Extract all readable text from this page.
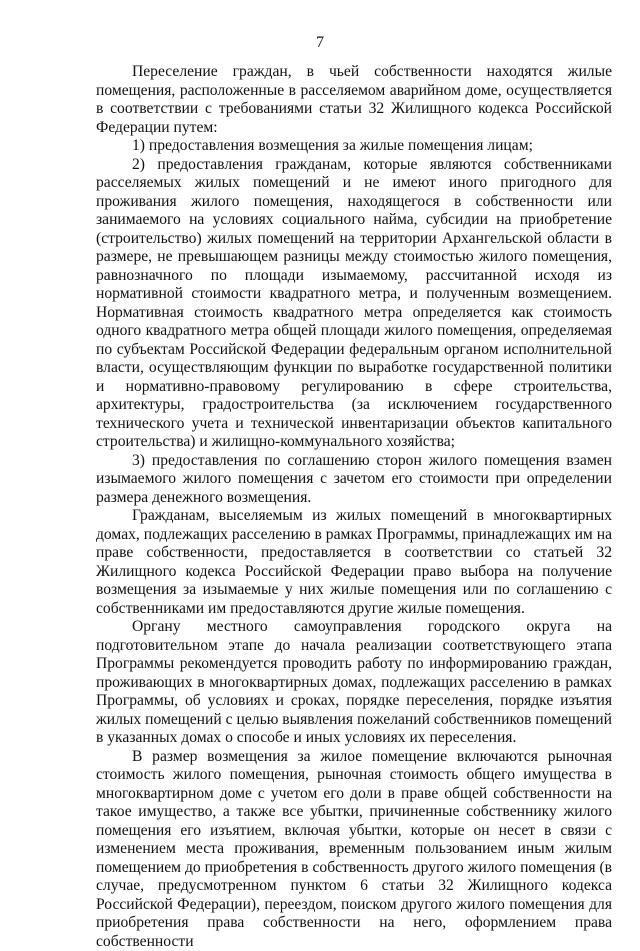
7

Переселение граждан, в чьей собственности находятся жилые помещения, расположенные в расселяемом аварийном доме, осуществляется в соответствии с требованиями статьи 32 Жилищного кодекса Российской Федерации путем:

1) предоставления возмещения за жилые помещения лицам;

2) предоставления гражданам, которые являются собственниками расселяемых жилых помещений и не имеют иного пригодного для проживания жилого помещения, находящегося в собственности или занимаемого на условиях социального найма, субсидии на приобретение (строительство) жилых помещений на территории Архангельской области в размере, не превышающем разницы между стоимостью жилого помещения, равнозначного по площади изымаемому, рассчитанной исходя из нормативной стоимости квадратного метра, и полученным возмещением. Нормативная стоимость квадратного метра определяется как стоимость одного квадратного метра общей площади жилого помещения, определяемая по субъектам Российской Федерации федеральным органом исполнительной власти, осуществляющим функции по выработке государственной политики и нормативно-правовому регулированию в сфере строительства, архитектуры, градостроительства (за исключением государственного технического учета и технической инвентаризации объектов капитального строительства) и жилищно-коммунального хозяйства;

3) предоставления по соглашению сторон жилого помещения взамен изымаемого жилого помещения с зачетом его стоимости при определении размера денежного возмещения.

Гражданам, выселяемым из жилых помещений в многоквартирных домах, подлежащих расселению в рамках Программы, принадлежащих им на праве собственности, предоставляется в соответствии со статьей 32 Жилищного кодекса Российской Федерации право выбора на получение возмещения за изымаемые у них жилые помещения или по соглашению с собственниками им предоставляются другие жилые помещения.

Органу местного самоуправления городского округа на подготовительном этапе до начала реализации соответствующего этапа Программы рекомендуется проводить работу по информированию граждан, проживающих в многоквартирных домах, подлежащих расселению в рамках Программы, об условиях и сроках, порядке переселения, порядке изъятия жилых помещений с целью выявления пожеланий собственников помещений в указанных домах о способе и иных условиях их переселения.

В размер возмещения за жилое помещение включаются рыночная стоимость жилого помещения, рыночная стоимость общего имущества в многоквартирном доме с учетом его доли в праве общей собственности на такое имущество, а также все убытки, причиненные собственнику жилого помещения его изъятием, включая убытки, которые он несет в связи с изменением места проживания, временным пользованием иным жилым помещением до приобретения в собственность другого жилого помещения (в случае, предусмотренном пунктом 6 статьи 32 Жилищного кодекса Российской Федерации), переездом, поиском другого жилого помещения для приобретения права собственности на него, оформлением права собственности
